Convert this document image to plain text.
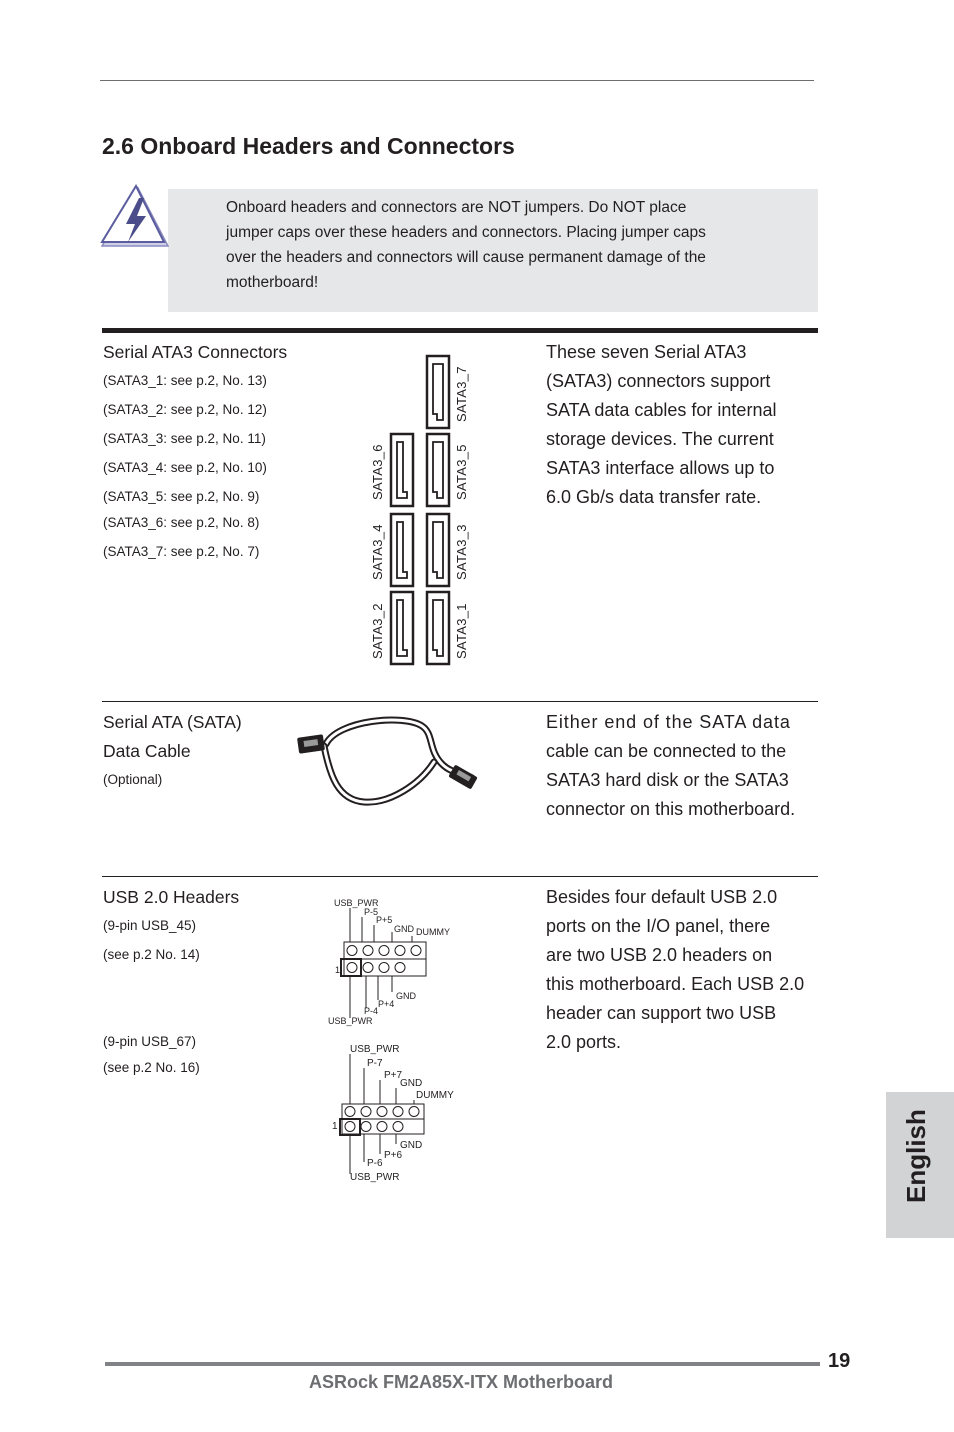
2.6 Onboard Headers and Connectors
Onboard headers and connectors are NOT jumpers. Do NOT place
jumper caps over these headers and connectors. Placing jumper caps
over the headers and connectors will cause permanent damage of the
motherboard!
Serial ATA3 Connectors
(SATA3_1: see p.2, No. 13)
(SATA3_2: see p.2, No. 12)
(SATA3_3: see p.2, No. 11)
(SATA3_4: see p.2, No. 10)
(SATA3_5: see p.2, No. 9)
(SATA3_6: see p.2, No. 8)
(SATA3_7: see p.2, No. 7)
SATA3_7
SATA3_6	SATA3_5
SATA3_4	SATA3_3
SATA3_2	SATA3_1
These seven Serial ATA3
(SATA3) connectors support
SATA data cables for internal
storage devices. The current
SATA3 interface allows up to
6.0 Gb/s data transfer rate.
Serial ATA (SATA)
Data Cable
(Optional)
Either end of the SATA data
cable can be connected to the
SATA3 hard disk or the SATA3
connector on this motherboard.
USB 2.0 Headers
(9-pin USB_45)
(see p.2 No. 14)
(9-pin USB_67)
(see p.2 No. 16)
USB_PWR
P-5
P+5
GND DUMMY
1
GND
P+4
P-4
USB_PWR
USB_PWR
P-7
P+7
GND
DUMMY
1
GND
P+6
P-6
USB_PWR
Besides four default USB 2.0
ports on the I/O panel, there
are two USB 2.0 headers on
this motherboard. Each USB 2.0
header can support two USB
2.0 ports.
English
19
ASRock FM2A85X-ITX Motherboard
